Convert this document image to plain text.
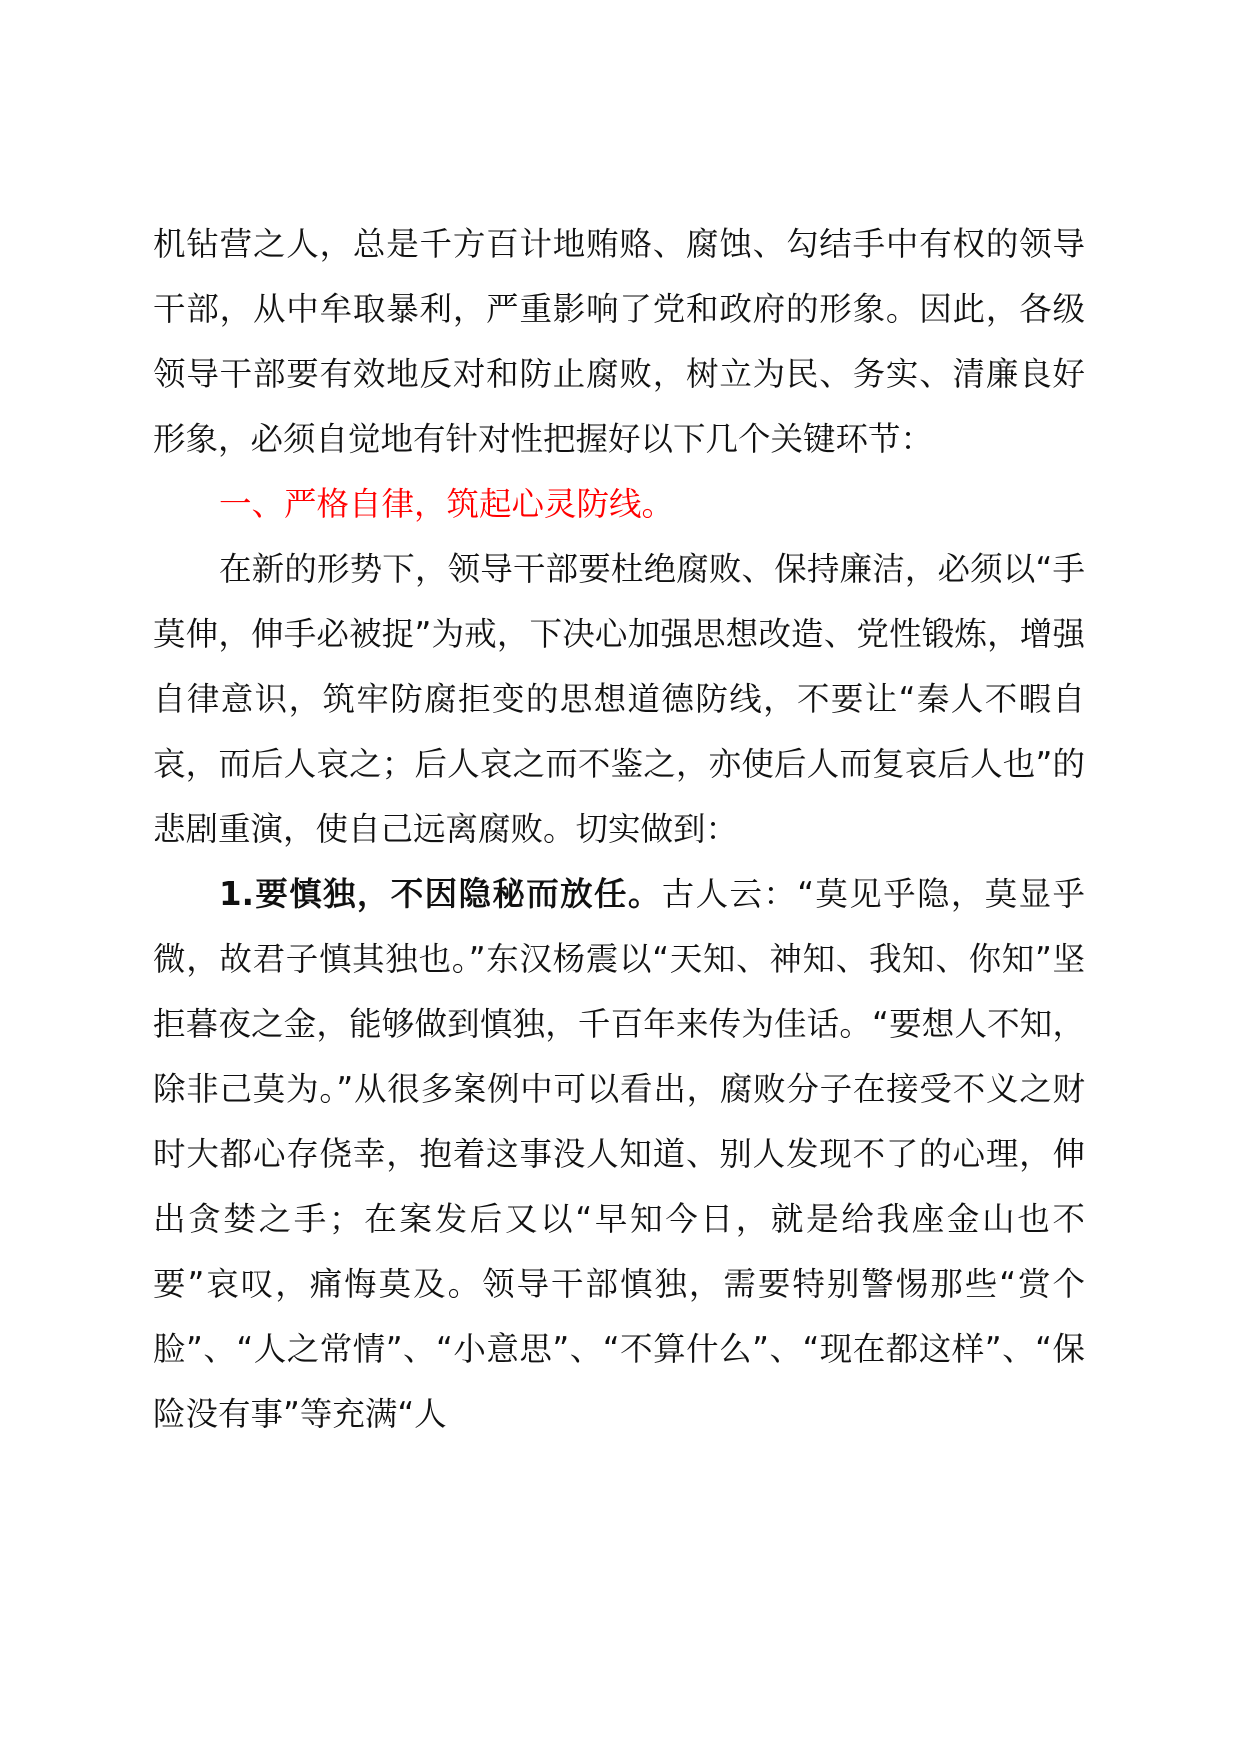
机钻营之人，总是千方百计地贿赂、腐蚀、勾结手中有权的领导干部，从中牟取暴利，严重影响了党和政府的形象。因此，各级领导干部要有效地反对和防止腐败，树立为民、务实、清廉良好形象，必须自觉地有针对性把握好以下几个关键环节：

一、严格自律，筑起心灵防线。

在新的形势下，领导干部要杜绝腐败、保持廉洁，必须以“手莫伸，伸手必被捉”为戒，下决心加强思想改造、党性锻炼，增强自律意识，筑牢防腐拒变的思想道德防线，不要让“秦人不暇自哀，而后人哀之；后人哀之而不鉴之，亦使后人而复哀后人也”的悲剧重演，使自己远离腐败。切实做到：

1.要慎独，不因隐秘而放任。古人云：“莫见乎隐，莫显乎微，故君子慎其独也。”东汉杨震以“天知、神知、我知、你知”坚拒暮夜之金，能够做到慎独，千百年来传为佳话。“要想人不知，除非己莫为。”从很多案例中可以看出，腐败分子在接受不义之财时大都心存侥幸，抱着这事没人知道、别人发现不了的心理，伸出贪婪之手；在案发后又以“早知今日，就是给我座金山也不要”哀叹，痛悔莫及。领导干部慎独，需要特别警惕那些“赏个脸”、“人之常情”、“小意思”、“不算什么”、“现在都这样”、“保险没有事”等充满“人
